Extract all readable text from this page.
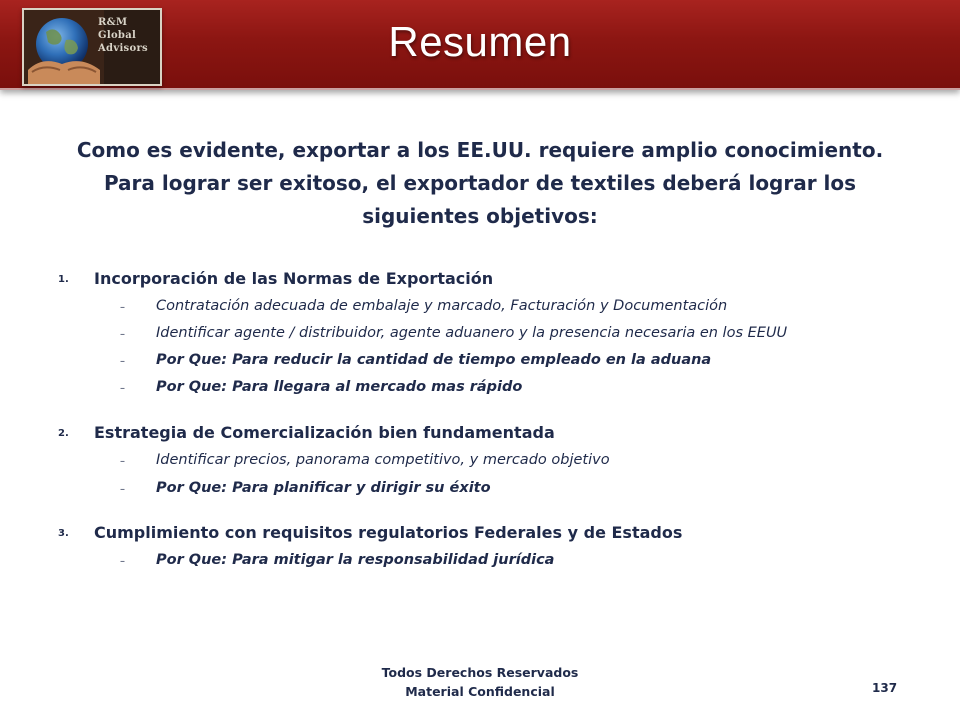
R&M
Global
Advisors	Resumen
Como es evidente, exportar a los EE.UU. requiere amplio conocimiento.
Para lograr ser exitoso, el exportador de textiles deberá lograr los siguientes objetivos:
1. Incorporación de las Normas de Exportación
– Contratación adecuada de embalaje y marcado, Facturación y Documentación
– Identificar agente / distribuidor, agente aduanero y la presencia necesaria en los EEUU
– Por Que: Para reducir la cantidad de tiempo empleado en la aduana
– Por Que: Para llegara al mercado mas rápido
2. Estrategia de Comercialización bien fundamentada
– Identificar precios, panorama competitivo, y mercado objetivo
– Por Que: Para planificar y dirigir su éxito
3. Cumplimiento con requisitos regulatorios Federales y de Estados
– Por Que: Para mitigar la responsabilidad jurídica
Todos Derechos Reservados
Material Confidencial	137
